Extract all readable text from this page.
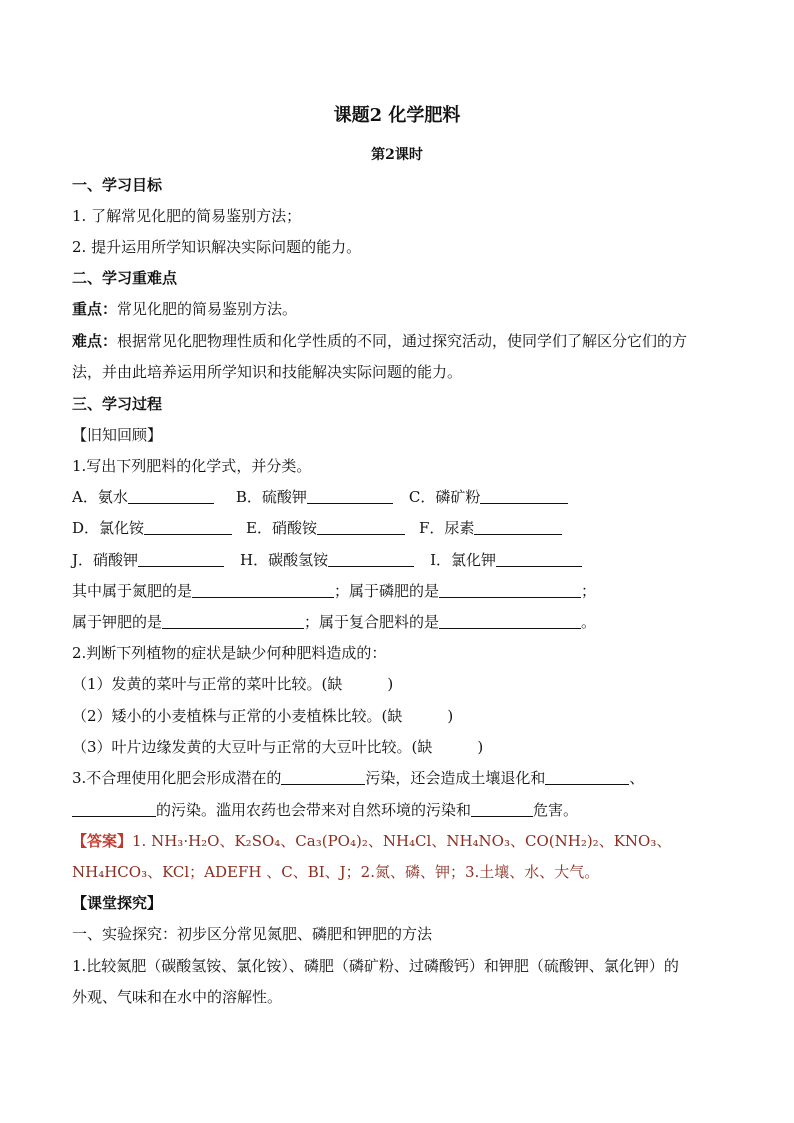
课题2 化学肥料
第2课时
一、学习目标
1. 了解常见化肥的简易鉴别方法；
2. 提升运用所学知识解决实际问题的能力。
二、学习重难点
重点：常见化肥的简易鉴别方法。
难点：根据常见化肥物理性质和化学性质的不同，通过探究活动，使同学们了解区分它们的方
法，并由此培养运用所学知识和技能解决实际问题的能力。
三、学习过程
【旧知回顾】
1.写出下列肥料的化学式，并分类。
A．氨水	B．硫酸钾	C．磷矿粉
D．氯化铵	E．硝酸铵	F．尿素
J．硝酸钾	H．碳酸氢铵	I．氯化钾
其中属于氮肥的是	；属于磷肥的是	；
属于钾肥的是	；属于复合肥料的是	。
2.判断下列植物的症状是缺少何种肥料造成的：
（1）发黄的菜叶与正常的菜叶比较。(缺　　　)
（2）矮小的小麦植株与正常的小麦植株比较。(缺　　　)
（3）叶片边缘发黄的大豆叶与正常的大豆叶比较。(缺　　　)
3.不合理使用化肥会形成潜在的	污染，还会造成土壤退化和	、
的污染。滥用农药也会带来对自然环境的污染和	危害。
【答案】1. NH₃·H₂O、K₂SO₄、Ca₃(PO₄)₂、NH₄Cl、NH₄NO₃、CO(NH₂)₂、KNO₃、
NH₄HCO₃、KCl；ADEFH 、C、BI、J；2.氮、磷、钾；3.土壤、水、大气。
【课堂探究】
一、实验探究：初步区分常见氮肥、磷肥和钾肥的方法
1.比较氮肥（碳酸氢铵、氯化铵）、磷肥（磷矿粉、过磷酸钙）和钾肥（硫酸钾、氯化钾）的
外观、气味和在水中的溶解性。
